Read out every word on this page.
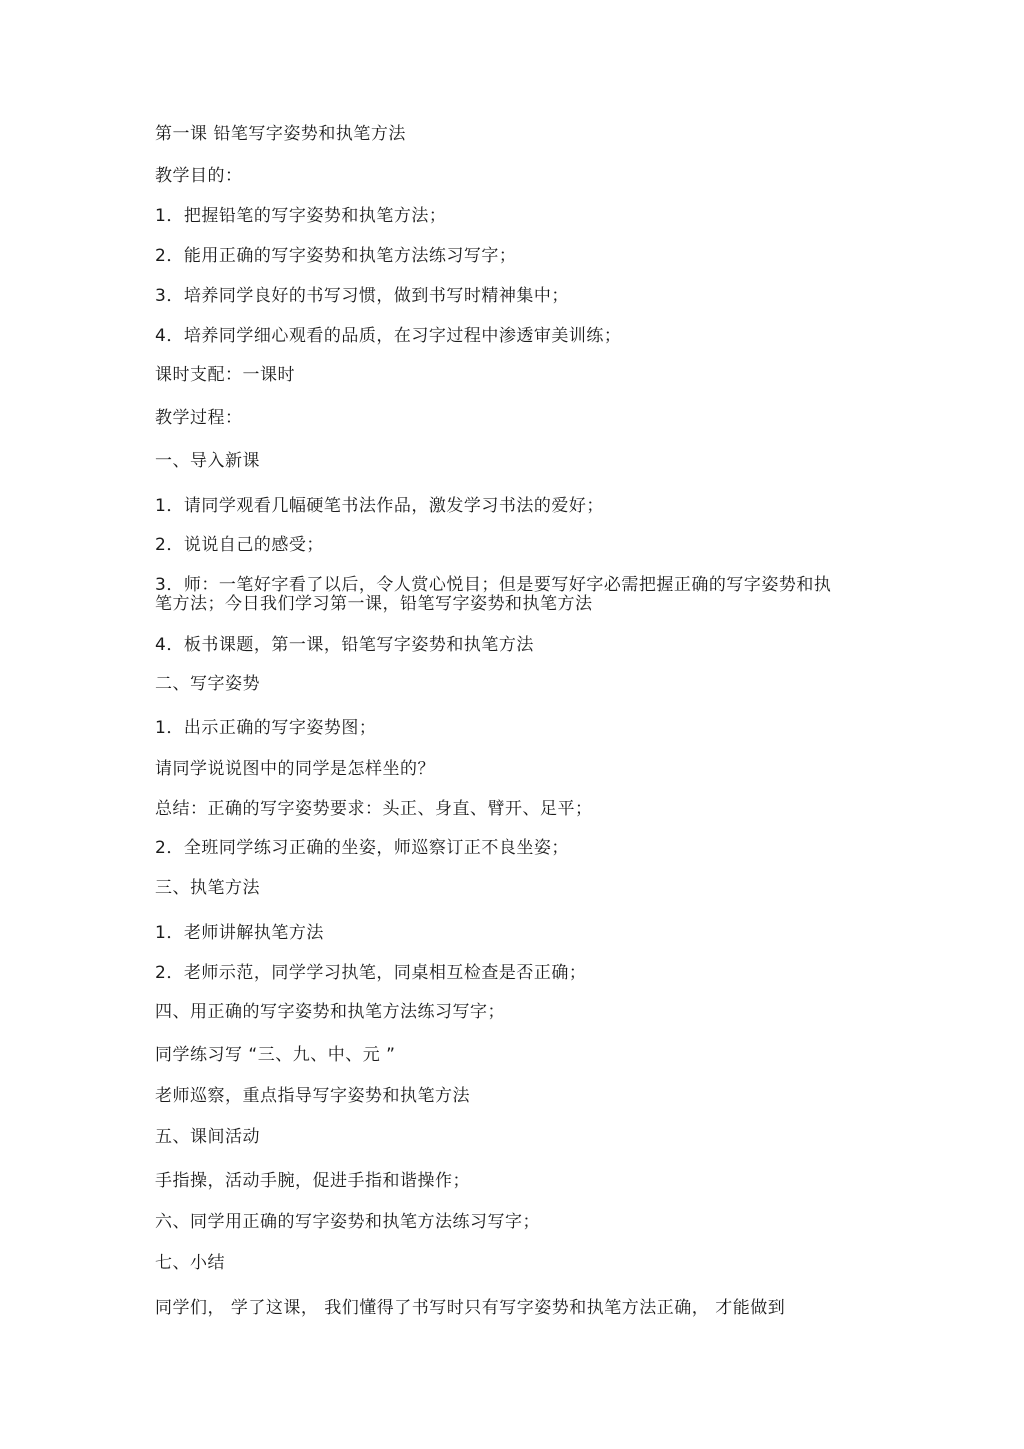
第一课 铅笔写字姿势和执笔方法
教学目的：
1．把握铅笔的写字姿势和执笔方法；
2．能用正确的写字姿势和执笔方法练习写字；
3．培养同学良好的书写习惯，做到书写时精神集中；
4．培养同学细心观看的品质，在习字过程中渗透审美训练；
课时支配：一课时
教学过程：
一、导入新课
1．请同学观看几幅硬笔书法作品，激发学习书法的爱好；
2．说说自己的感受；
3．师：一笔好字看了以后，令人赏心悦目；但是要写好字必需把握正确的写字姿势和执笔方法；今日我们学习第一课，铅笔写字姿势和执笔方法
4．板书课题，第一课，铅笔写字姿势和执笔方法
二、写字姿势
1．出示正确的写字姿势图；
请同学说说图中的同学是怎样坐的？
总结：正确的写字姿势要求：头正、身直、臂开、足平；
2．全班同学练习正确的坐姿，师巡察订正不良坐姿；
三、执笔方法
1．老师讲解执笔方法
2．老师示范，同学学习执笔，同桌相互检查是否正确；
四、用正确的写字姿势和执笔方法练习写字；
同学练习写 “三、九、中、元 ”
老师巡察，重点指导写字姿势和执笔方法
五、课间活动
手指操，活动手腕，促进手指和谐操作；
六、同学用正确的写字姿势和执笔方法练习写字；
七、小结
同学们， 学了这课， 我们懂得了书写时只有写字姿势和执笔方法正确， 才能做到
